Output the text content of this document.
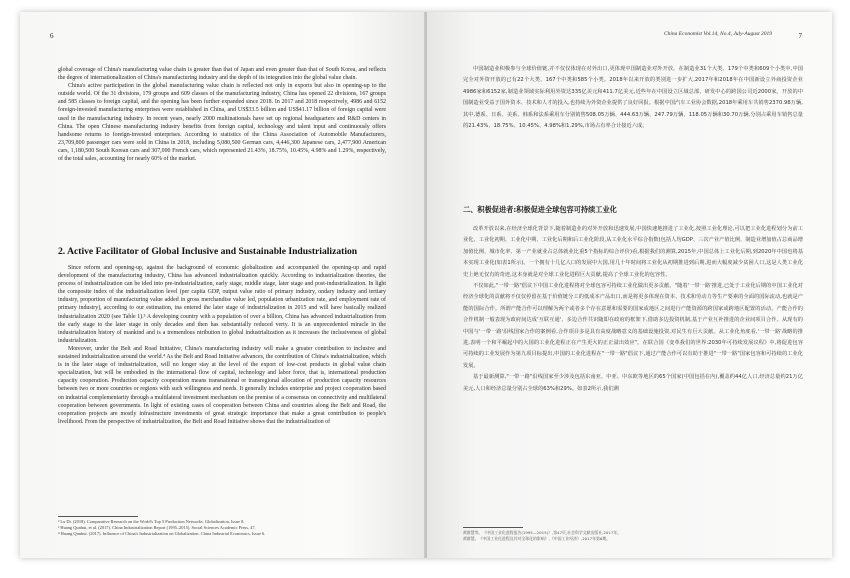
6

global coverage of China's manufacturing value chain is greater than that of Japan and even greater than that of South Korea, and reflects the degree of internationalization of China's manufacturing industry and the depth of its integration into the global value chain.

China's active participation in the global manufacturing value chain is reflected not only in exports but also in opening-up to the outside world. Of the 31 divisions, 179 groups and 609 classes of the manufacturing industry, China has opened 22 divisions, 167 groups and 585 classes to foreign capital, and the opening has been further expanded since 2018. In 2017 and 2018 respectively, 4986 and 6152 foreign-invested manufacturing enterprises were established in China, and US$33.5 billion and US$41.17 billion of foreign capital were used in the manufacturing industry. In recent years, nearly 2000 multinationals have set up regional headquarters and R&D centers in China. The open Chinese manufacturing industry benefits from foreign capital, technology and talent input and continuously offers handsome returns to foreign-invested enterprises. According to statistics of the China Association of Automobile Manufacturers, 23,709,800 passenger cars were sold in China in 2018, including 5,080,500 German cars, 4,446,300 Japanese cars, 2,477,900 American cars, 1,180,500 South Korean cars and 307,000 French cars, which represented 21.43%, 18.75%, 10.45%, 4.98% and 1.29%, respectively, of the total sales, accounting for nearly 60% of the market.

2. Active Facilitator of Global Inclusive and Sustainable Industrialization

Since reform and opening-up, against the background of economic globalization and accompanied the opening-up and rapid development of the manufacturing industry, China has advanced industrialization quickly. According to industrialization theories, the process of industrialization can be ided into pre-industrialization, early stage, middle stage, later stage and post-industrialization. In light the composite index of the industrialization level (per capita GDP, output value ratio of primary industry, ondary industry and tertiary industry, proportion of manufacturing value added in gross merchandise value led, population urbanization rate, and employment rate of primary industry), according to our estimation, ina entered the later stage of industrialization in 2015 and will have basically realized industrialization 2020 (see Table 1).³ A developing country with a population of over a billion, China has advanced industrialization from the early stage to the later stage in only decades and then has substantially reduced verty. It is an unprecedented miracle in the industrialization history of mankind and is a tremendous ntribution to global industrialization as it increases the inclusiveness of global industrialization.

Moreover, under the Belt and Road Initiative, China's manufacturing industry will make a greater contribution to inclusive and sustained industrialization around the world.⁴ As the Belt and Road Initiative advances, the contribution of China's industrialization, which is in the later stage of industrialization, will no longer stay at the level of the export of low-cost products in global value chain specialization, but will be embodied in the international flow of capital, technology and labor force, that is, international production capacity cooperation. Production capacity cooperation means transnational or transregional allocation of production capacity resources between two or more countries or regions with such willingness and needs. It generally includes enterprise and project cooperation based on industrial complementarity through a multilateral investment mechanism on the premise of a consensus on connectivity and multilateral cooperation between governments. In light of existing cases of cooperation between China and countries along the Belt and Road, the cooperation projects are mostly infrastructure investments of great strategic importance that make a great contribution to people's livelihood. From the perspective of industrialization, the Belt and Road Initiative shows that the industrialization of

² Lu Di. (2018). Comparative Research on the World's Top 5 Production Networks. Globalization, Issue 8.
³ Huang Qunhui, et al. (2017). China Industrialization Report (1995–2015). Social Sciences Academic Press, 47.
⁴ Huang Qunhui. (2017). Influence of China's Industrialization on Globalization. China Industrial Economics, Issue 6.
China Economist Vol.14, No.4, July-August 2019	7

中国制造业积极参与全球价值链,并不仅仅体现在对外出口,更体现中国制造业对外开放。在制造业31个大类、179个中类和609个小类中,中国完全对外资开放的已有22个大类、167个中类和585个小类。2018年以来开放的类别进一步扩大,2017年和2018年在中国新设立外商投资企业4986家和6152家,制造业领域实际利用外资达335亿美元和411.7亿美元,近些年在中国设立区域总部、研发中心的跨国公司近2000家。开放的中国制造业受益于国外资本、技术和人才的投入,也持续为外资企业提供了良好回报。根据中国汽车工业协会数据,2018年乘用车共销售2370.98万辆,其中,德系、日系、美系、韩系和法系乘用车分别销售508.05万辆、444.63万辆、247.79万辆、118.05万辆和30.70万辆,分别占乘用车销售总量的21.43%、18.75%、10.45%、4.98%和1.29%,市场占有率合计接近六成。

二、积极促进者:积极促进全球包容可持续工业化

改革开放以来,在经济全球化背景下,随着制造业的对外开放和迅速发展,中国快速地推进了工业化,按照工业化理论,可以把工业化进程划分为前工业化、工业化初期、工业化中期、工业化后期和后工业化阶段,从工业化水平综合指数(包括人均GDP、三次产业产值比例、制造业增加值占总商品增加值比例、城市化率、第一产业就业占总体就业比重5个指标的综合评价)看,根据我们的测算,2015年,中国总体上工业化后期,到2020年中国也将基本实现工业化(如表1所示)。一个拥有十几亿人口的发展中大国,用几十年时间将工业化从初期推进到后期,进而大幅度减少贫困人口,这是人类工业化史上絶无仅有的奇迹,这本身就是对全球工业化进程巨大贡献,提高了全球工业化的包容性。

不仅如此,"一带一路"倡议下中国工业化进程将对全球包容可持续工业化做出更多贡献。"随着'一带一路'推进,已处于工业化后期的中国工业化对经济全球化的贡献将不仅仅停留在基于价值链分工的低成本产品出口,而是将更多体现在资本、技术和劳动力等生产要素的全面的国际流动,也就是产能的国际合作。所谓产能合作可以理解为两个或者多个存在意愿和需要的国家或地区之间进行产能资源的跨国家或跨地区配置的活动。产能合作的合作机制一般表现为政府间达成'互联互通'、多边合作共识随即在政府的框架下,借助多边投资机制,基于产业互补推进的企业间项目合作。从现有的中国与'一带一路'沿线国家合作的案例看,合作项目多是具有高度战略意义的基础设施投资,对民生有巨大贡献。从工业化角度看,'一带一路'战略的推进,表明一个和平崛起中的大国的工业化进程正在产生更大的正正溢出效应"。在联合国《变革我们的世界:2030年可持续发展议程》中,将促进包容可持续的工业发展作为第九项目标提出,中国的工业化进程在"一带一路"倡议下,通过产能合作可以有助于推进"一带一路"国家包容和可持续的工业化发展。

基于最新测算,"一带一路"沿线国家至少涉及包括东南亚、中亚、中东欧等地区的65个国家(中国包括在内),覆盖约44亿人口,经济总量约21万亿美元,人口和经济总量分别占全球的63%和29%。如表2所示,我们测

黄群慧等。《中国工业化进程报告(1995—2015)》,第47页,社会科学文献出版社,2017年。
黄群慧。《中国工业化进程及其对全球化的影响》,《中国工业经济》,2017年第6期。
